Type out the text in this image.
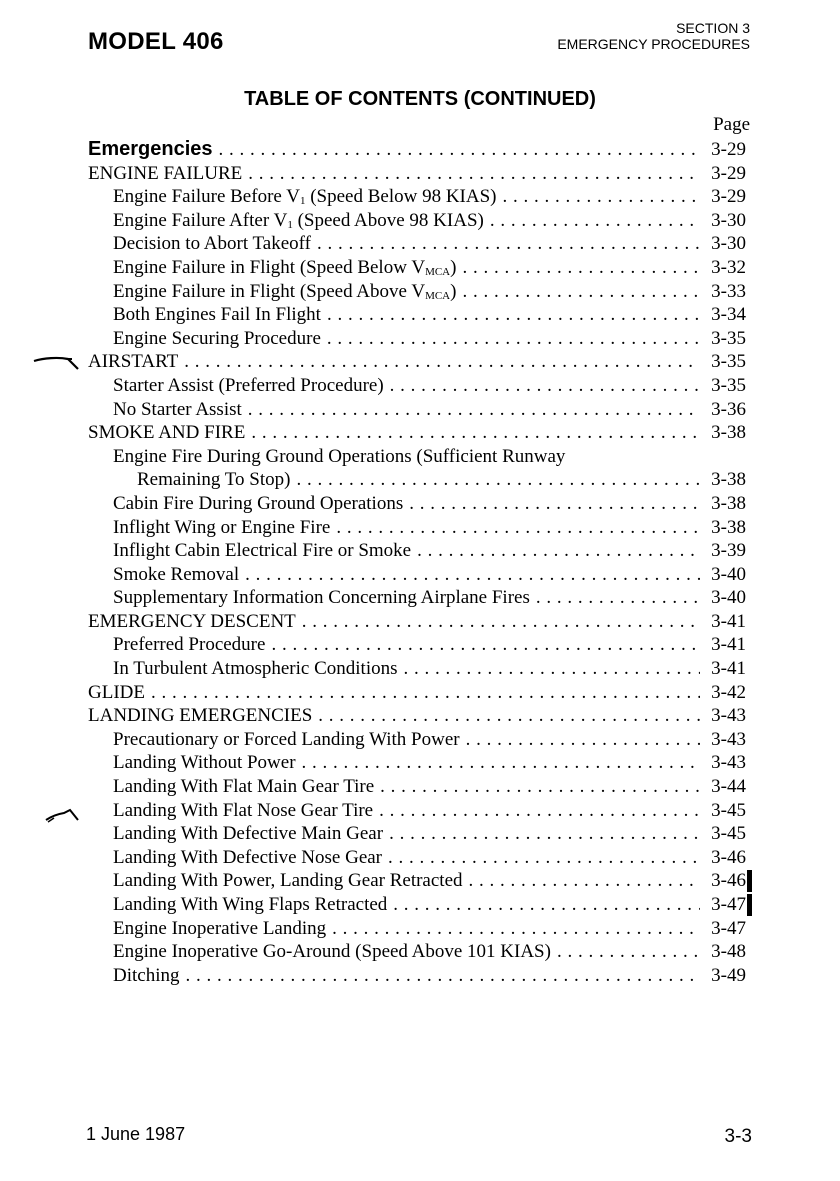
MODEL 406	SECTION 3
EMERGENCY PROCEDURES
TABLE OF CONTENTS (CONTINUED)
Page
Emergencies . . .	3-29
ENGINE FAILURE . . .	3-29
Engine Failure Before V1 (Speed Below 98 KIAS) . . .	3-29
Engine Failure After V1 (Speed Above 98 KIAS) . . .	3-30
Decision to Abort Takeoff . . .	3-30
Engine Failure in Flight (Speed Below VMCA) . . .	3-32
Engine Failure in Flight (Speed Above VMCA) . . .	3-33
Both Engines Fail In Flight . . .	3-34
Engine Securing Procedure . . .	3-35
AIRSTART . . .	3-35
Starter Assist (Preferred Procedure) . . .	3-35
No Starter Assist . . .	3-36
SMOKE AND FIRE . . .	3-38
Engine Fire During Ground Operations (Sufficient Runway
Remaining To Stop) . . .	3-38
Cabin Fire During Ground Operations . . .	3-38
Inflight Wing or Engine Fire . . .	3-38
Inflight Cabin Electrical Fire or Smoke . . .	3-39
Smoke Removal . . .	3-40
Supplementary Information Concerning Airplane Fires . . .	3-40
EMERGENCY DESCENT . . .	3-41
Preferred Procedure . . .	3-41
In Turbulent Atmospheric Conditions . . .	3-41
GLIDE . . .	3-42
LANDING EMERGENCIES . . .	3-43
Precautionary or Forced Landing With Power . . .	3-43
Landing Without Power . . .	3-43
Landing With Flat Main Gear Tire . . .	3-44
Landing With Flat Nose Gear Tire . . .	3-45
Landing With Defective Main Gear . . .	3-45
Landing With Defective Nose Gear . . .	3-46
Landing With Power, Landing Gear Retracted . . .	3-46
Landing With Wing Flaps Retracted . . .	3-47
Engine Inoperative Landing . . .	3-47
Engine Inoperative Go-Around (Speed Above 101 KIAS) . . .	3-48
Ditching . . .	3-49
1 June 1987	3-3
